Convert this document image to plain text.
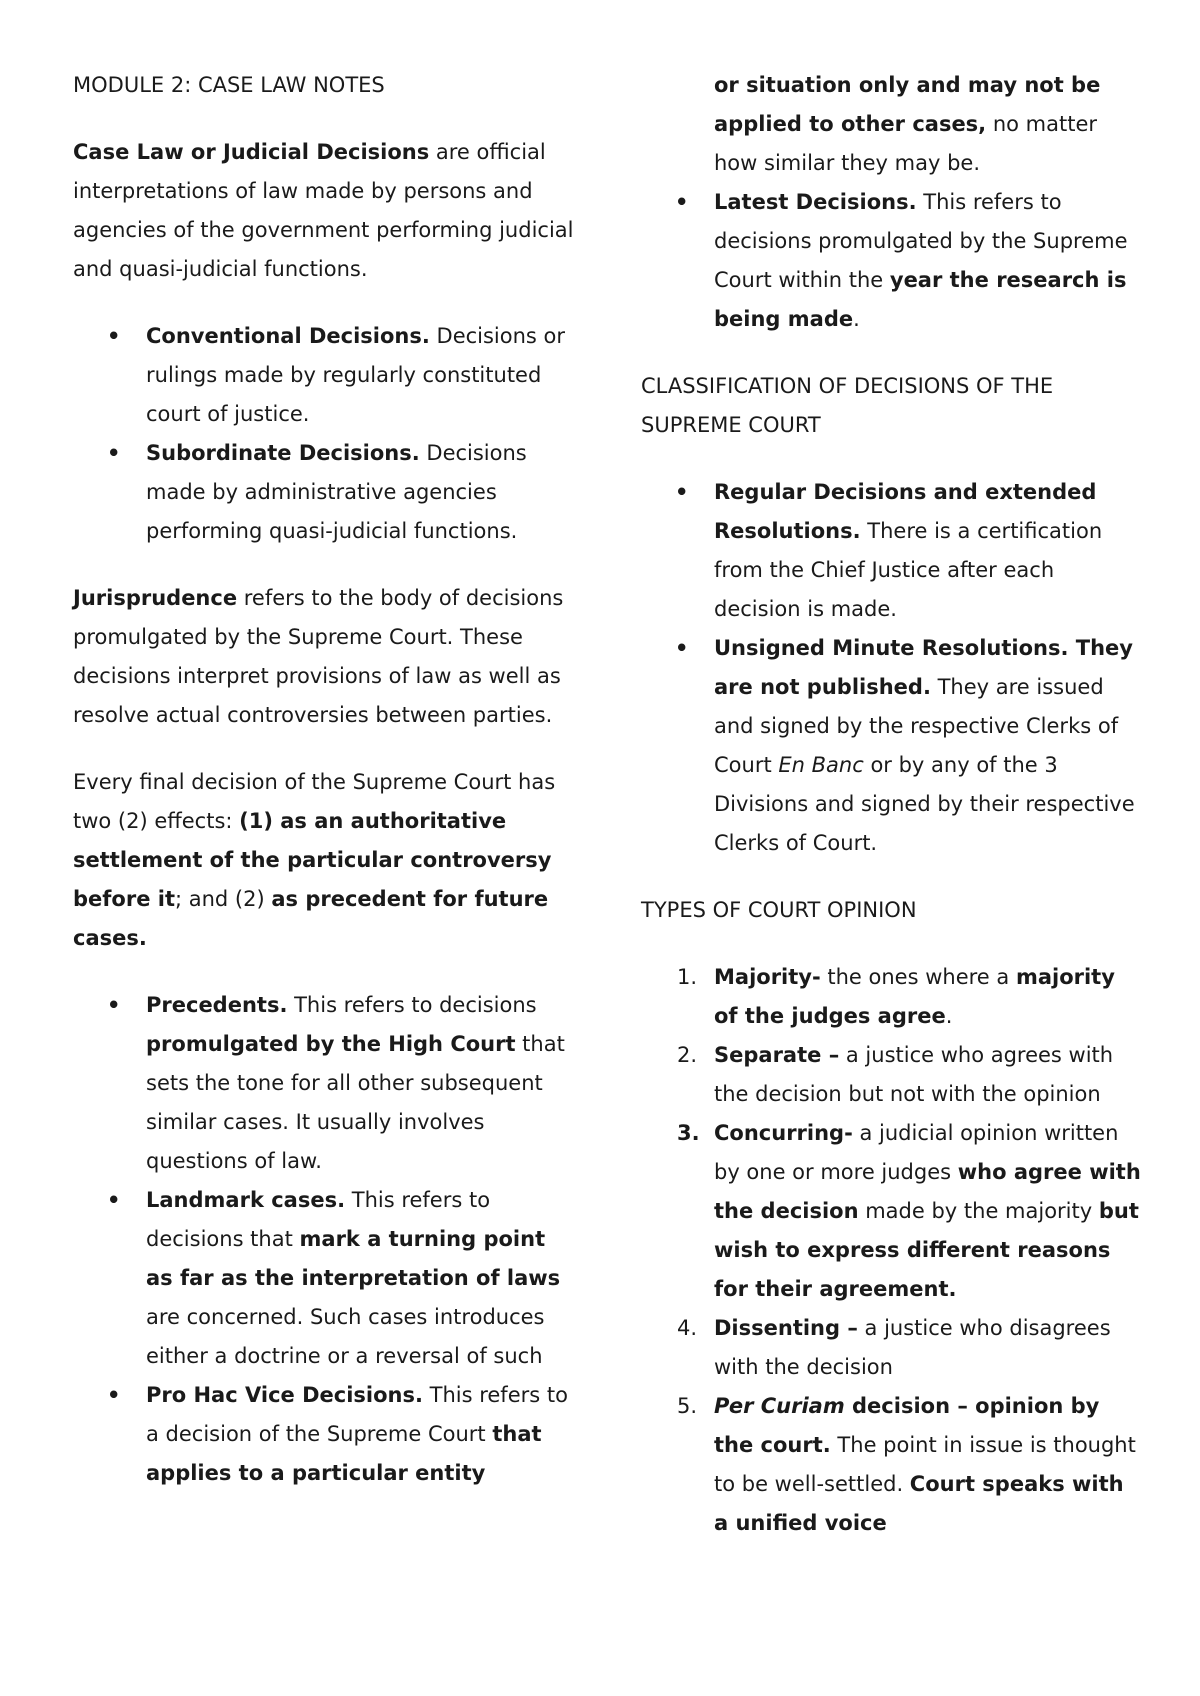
MODULE 2: CASE LAW NOTES

Case Law or Judicial Decisions are official interpretations of law made by persons and agencies of the government performing judicial and quasi-judicial functions.

• Conventional Decisions. Decisions or rulings made by regularly constituted court of justice.
• Subordinate Decisions. Decisions made by administrative agencies performing quasi-judicial functions.

Jurisprudence refers to the body of decisions promulgated by the Supreme Court. These decisions interpret provisions of law as well as resolve actual controversies between parties.

Every final decision of the Supreme Court has two (2) effects: (1) as an authoritative settlement of the particular controversy before it; and (2) as precedent for future cases.

• Precedents. This refers to decisions promulgated by the High Court that sets the tone for all other subsequent similar cases. It usually involves questions of law.
• Landmark cases. This refers to decisions that mark a turning point as far as the interpretation of laws are concerned. Such cases introduces either a doctrine or a reversal of such
• Pro Hac Vice Decisions. This refers to a decision of the Supreme Court that applies to a particular entity

or situation only and may not be applied to other cases, no matter how similar they may be.

• Latest Decisions. This refers to decisions promulgated by the Supreme Court within the year the research is being made.

CLASSIFICATION OF DECISIONS OF THE SUPREME COURT

• Regular Decisions and extended Resolutions. There is a certification from the Chief Justice after each decision is made.
• Unsigned Minute Resolutions. They are not published. They are issued and signed by the respective Clerks of Court En Banc or by any of the 3 Divisions and signed by their respective Clerks of Court.

TYPES OF COURT OPINION

1. Majority- the ones where a majority of the judges agree.
2. Separate – a justice who agrees with the decision but not with the opinion
3. Concurring- a judicial opinion written by one or more judges who agree with the decision made by the majority but wish to express different reasons for their agreement.
4. Dissenting – a justice who disagrees with the decision
5. Per Curiam decision – opinion by the court. The point in issue is thought to be well-settled. Court speaks with a unified voice
